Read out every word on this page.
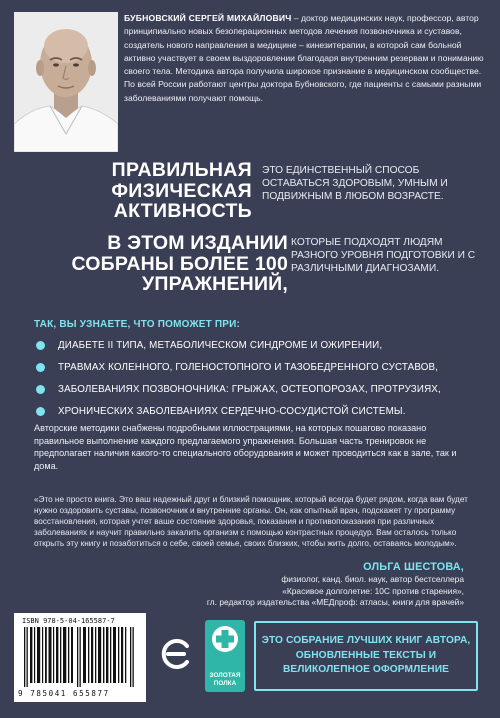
БУБНОВСКИЙ СЕРГЕЙ МИХАЙЛОВИЧ – доктор медицинских наук, профессор, автор принципиально новых безоперационных методов лечения позвоночника и суставов, создатель нового направления в медицине – кинезитерапии, в которой сам больной активно участвует в своем выздоровлении благодаря внутренним резервам и пониманию своего тела. Методика автора получила широкое признание в медицинском сообществе. По всей России работают центры доктора Бубновского, где пациенты с самыми разными заболеваниями получают помощь.
ПРАВИЛЬНАЯ ФИЗИЧЕСКАЯ АКТИВНОСТЬ
ЭТО ЕДИНСТВЕННЫЙ СПОСОБ ОСТАВАТЬСЯ ЗДОРОВЫМ, УМНЫМ И ПОДВИЖНЫМ В ЛЮБОМ ВОЗРАСТЕ.
В ЭТОМ ИЗДАНИИ СОБРАНЫ БОЛЕЕ 100 УПРАЖНЕНИЙ,
КОТОРЫЕ ПОДХОДЯТ ЛЮДЯМ РАЗНОГО УРОВНЯ ПОДГОТОВКИ И С РАЗЛИЧНЫМИ ДИАГНОЗАМИ.
ТАК, ВЫ УЗНАЕТЕ, ЧТО ПОМОЖЕТ ПРИ:
ДИАБЕТЕ II ТИПА, МЕТАБОЛИЧЕСКОМ СИНДРОМЕ И ОЖИРЕНИИ,
ТРАВМАХ КОЛЕННОГО, ГОЛЕНОСТОПНОГО И ТАЗОБЕДРЕННОГО СУСТАВОВ,
ЗАБОЛЕВАНИЯХ ПОЗВОНОЧНИКА: ГРЫЖАХ, ОСТЕОПОРОЗАХ, ПРОТРУЗИЯХ,
ХРОНИЧЕСКИХ ЗАБОЛЕВАНИЯХ СЕРДЕЧНО-СОСУДИСТОЙ СИСТЕМЫ.
Авторские методики снабжены подробными иллюстрациями, на которых пошагово показано правильное выполнение каждого предлагаемого упражнения. Большая часть тренировок не предполагает наличия какого-то специального оборудования и может проводиться как в зале, так и дома.
«Это не просто книга. Это ваш надежный друг и близкий помощник, который всегда будет рядом, когда вам будет нужно оздоровить суставы, позвоночник и внутренние органы. Он, как опытный врач, подскажет ту программу восстановления, которая учтет ваше состояние здоровья, показания и противопоказания при различных заболеваниях и научит правильно закалить организм с помощью контрастных процедур. Вам осталось только открыть эту книгу и позаботиться о себе, своей семье, своих близких, чтобы жить долго, оставаясь молодым».
ОЛЬГА ШЕСТОВА,
физиолог, канд. биол. наук, автор бестселлера
«Красивое долголетие: 10С против старения»,
гл. редактор издательства «МЕДпроф: атласы, книги для врачей»
ISBN 978-5-04-165587-7
9 785041 655877
ЗОЛОТАЯ
ПОЛКА
ЭТО СОБРАНИЕ ЛУЧШИХ КНИГ АВТОРА, ОБНОВЛЕННЫЕ ТЕКСТЫ И ВЕЛИКОЛЕПНОЕ ОФОРМЛЕНИЕ
